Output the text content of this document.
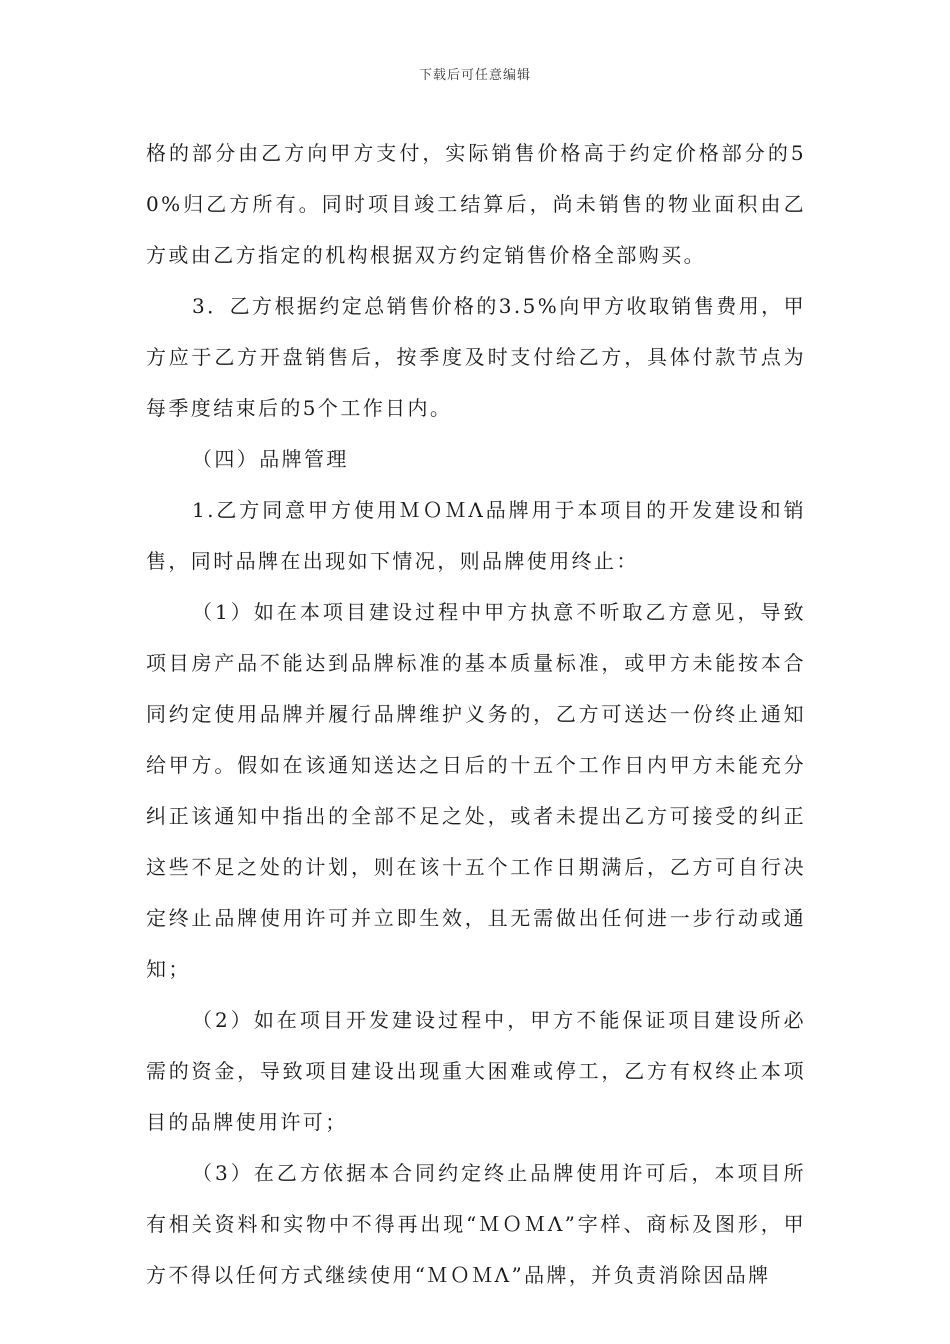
下载后可任意编辑

格的部分由乙方向甲方支付，实际销售价格高于约定价格部分的50%归乙方所有。同时项目竣工结算后，尚未销售的物业面积由乙方或由乙方指定的机构根据双方约定销售价格全部购买。

3．乙方根据约定总销售价格的3.5%向甲方收取销售费用，甲方应于乙方开盘销售后，按季度及时支付给乙方，具体付款节点为每季度结束后的5个工作日内。

（四）品牌管理

1.乙方同意甲方使用ＭＯＭΛ品牌用于本项目的开发建设和销售，同时品牌在出现如下情况，则品牌使用终止：

（1）如在本项目建设过程中甲方执意不听取乙方意见，导致项目房产品不能达到品牌标准的基本质量标准，或甲方未能按本合同约定使用品牌并履行品牌维护义务的，乙方可送达一份终止通知给甲方。假如在该通知送达之日后的十五个工作日内甲方未能充分纠正该通知中指出的全部不足之处，或者未提出乙方可接受的纠正这些不足之处的计划，则在该十五个工作日期满后，乙方可自行决定终止品牌使用许可并立即生效，且无需做出任何进一步行动或通知；

（2）如在项目开发建设过程中，甲方不能保证项目建设所必需的资金，导致项目建设出现重大困难或停工，乙方有权终止本项目的品牌使用许可；

（3）在乙方依据本合同约定终止品牌使用许可后，本项目所有相关资料和实物中不得再出现“ＭＯＭΛ”字样、商标及图形，甲方不得以任何方式继续使用“ＭＯＭΛ”品牌，并负责消除因品牌
